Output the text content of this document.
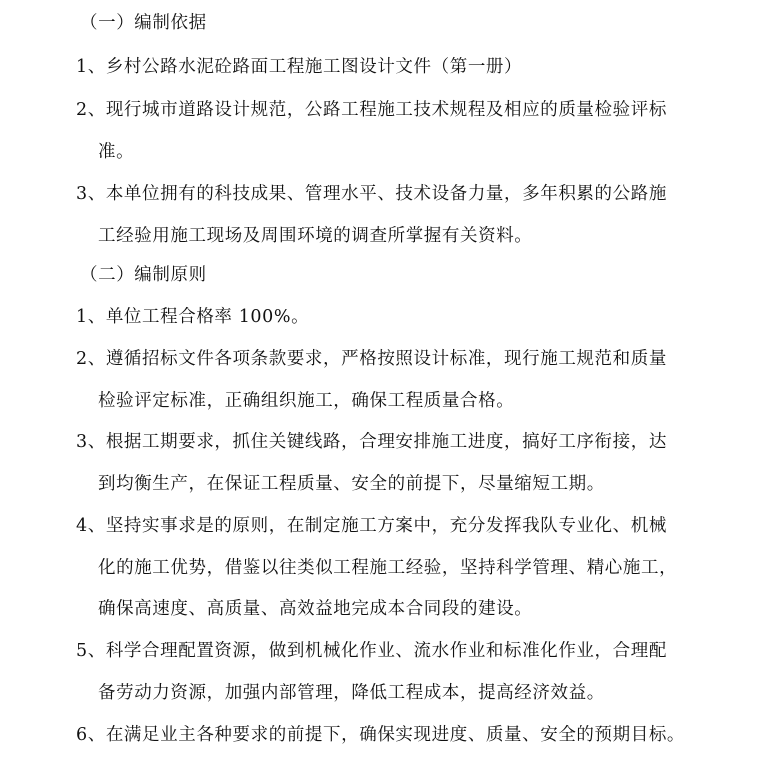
（一）编制依据
1、乡村公路水泥砼路面工程施工图设计文件（第一册）
2、现行城市道路设计规范，公路工程施工技术规程及相应的质量检验评标
准。
3、本单位拥有的科技成果、管理水平、技术设备力量，多年积累的公路施
工经验用施工现场及周围环境的调查所掌握有关资料。
（二）编制原则
1、单位工程合格率 100%。
2、遵循招标文件各项条款要求，严格按照设计标准，现行施工规范和质量
检验评定标准，正确组织施工，确保工程质量合格。
3、根据工期要求，抓住关键线路，合理安排施工进度，搞好工序衔接，达
到均衡生产，在保证工程质量、安全的前提下，尽量缩短工期。
4、坚持实事求是的原则，在制定施工方案中，充分发挥我队专业化、机械
化的施工优势，借鉴以往类似工程施工经验，坚持科学管理、精心施工，
确保高速度、高质量、高效益地完成本合同段的建设。
5、科学合理配置资源，做到机械化作业、流水作业和标准化作业，合理配
备劳动力资源，加强内部管理，降低工程成本，提高经济效益。
6、在满足业主各种要求的前提下，确保实现进度、质量、安全的预期目标。
